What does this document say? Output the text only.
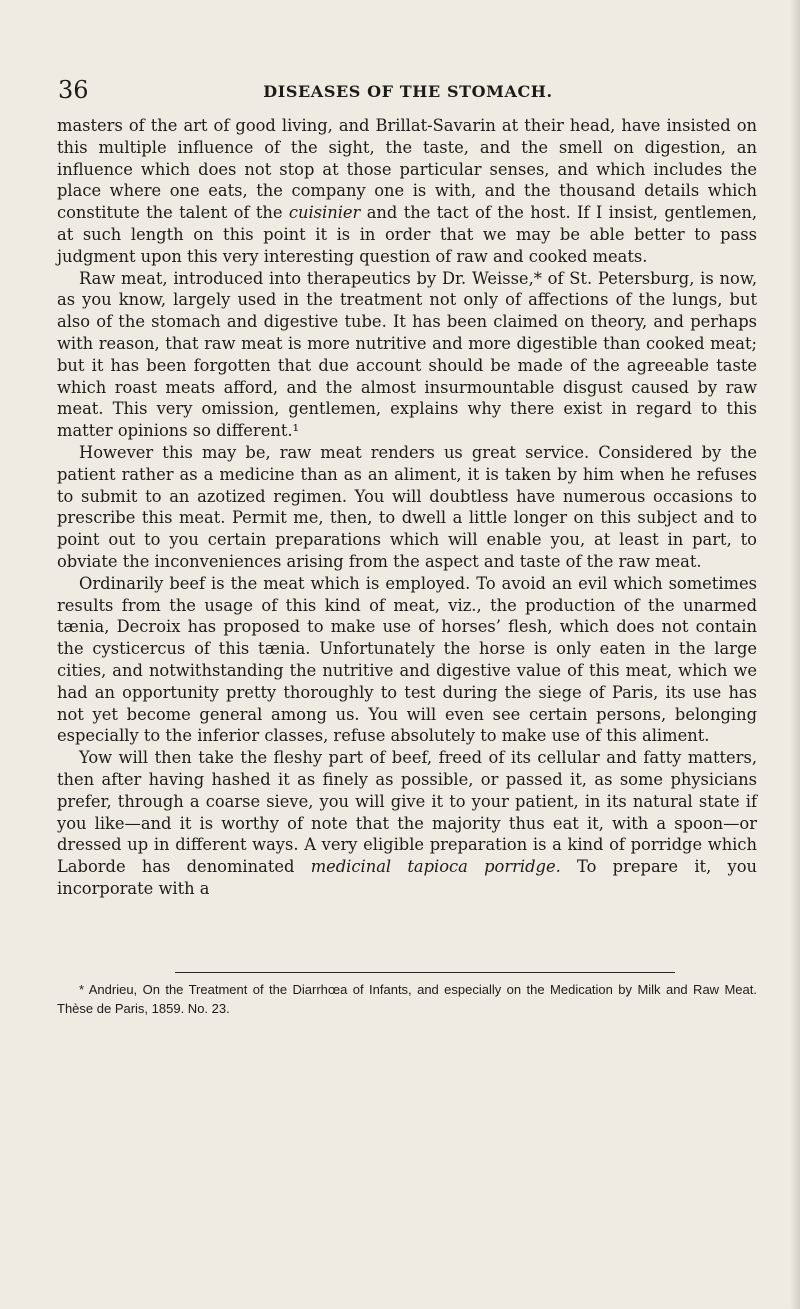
36	DISEASES OF THE STOMACH.

masters of the art of good living, and Brillat-Savarin at their head, have insisted on this multiple influence of the sight, the taste, and the smell on digestion, an influence which does not stop at those particular senses, and which includes the place where one eats, the company one is with, and the thousand details which constitute the talent of the cuisinier and the tact of the host. If I insist, gentlemen, at such length on this point it is in order that we may be able better to pass judgment upon this very interesting question of raw and cooked meats.

Raw meat, introduced into therapeutics by Dr. Weisse,* of St. Petersburg, is now, as you know, largely used in the treatment not only of affections of the lungs, but also of the stomach and digestive tube. It has been claimed on theory, and perhaps with reason, that raw meat is more nutritive and more digestible than cooked meat; but it has been forgotten that due account should be made of the agreeable taste which roast meats afford, and the almost insurmountable disgust caused by raw meat. This very omission, gentlemen, explains why there exist in regard to this matter opinions so different.¹

However this may be, raw meat renders us great service. Considered by the patient rather as a medicine than as an aliment, it is taken by him when he refuses to submit to an azotized regimen. You will doubtless have numerous occasions to prescribe this meat. Permit me, then, to dwell a little longer on this subject and to point out to you certain preparations which will enable you, at least in part, to obviate the inconveniences arising from the aspect and taste of the raw meat.

Ordinarily beef is the meat which is employed. To avoid an evil which sometimes results from the usage of this kind of meat, viz., the production of the unarmed tænia, Decroix has proposed to make use of horses’ flesh, which does not contain the cysticercus of this tænia. Unfortunately the horse is only eaten in the large cities, and notwithstanding the nutritive and digestive value of this meat, which we had an opportunity pretty thoroughly to test during the siege of Paris, its use has not yet become general among us. You will even see certain persons, belonging especially to the inferior classes, refuse absolutely to make use of this aliment.

Yow will then take the fleshy part of beef, freed of its cellular and fatty matters, then after having hashed it as finely as possible, or passed it, as some physicians prefer, through a coarse sieve, you will give it to your patient, in its natural state if you like—and it is worthy of note that the majority thus eat it, with a spoon—or dressed up in different ways. A very eligible preparation is a kind of porridge which Laborde has denominated medicinal tapioca porridge. To prepare it, you incorporate with a

* Andrieu, On the Treatment of the Diarrhœa of Infants, and especially on the Medication by Milk and Raw Meat. Thèse de Paris, 1859. No. 23.
